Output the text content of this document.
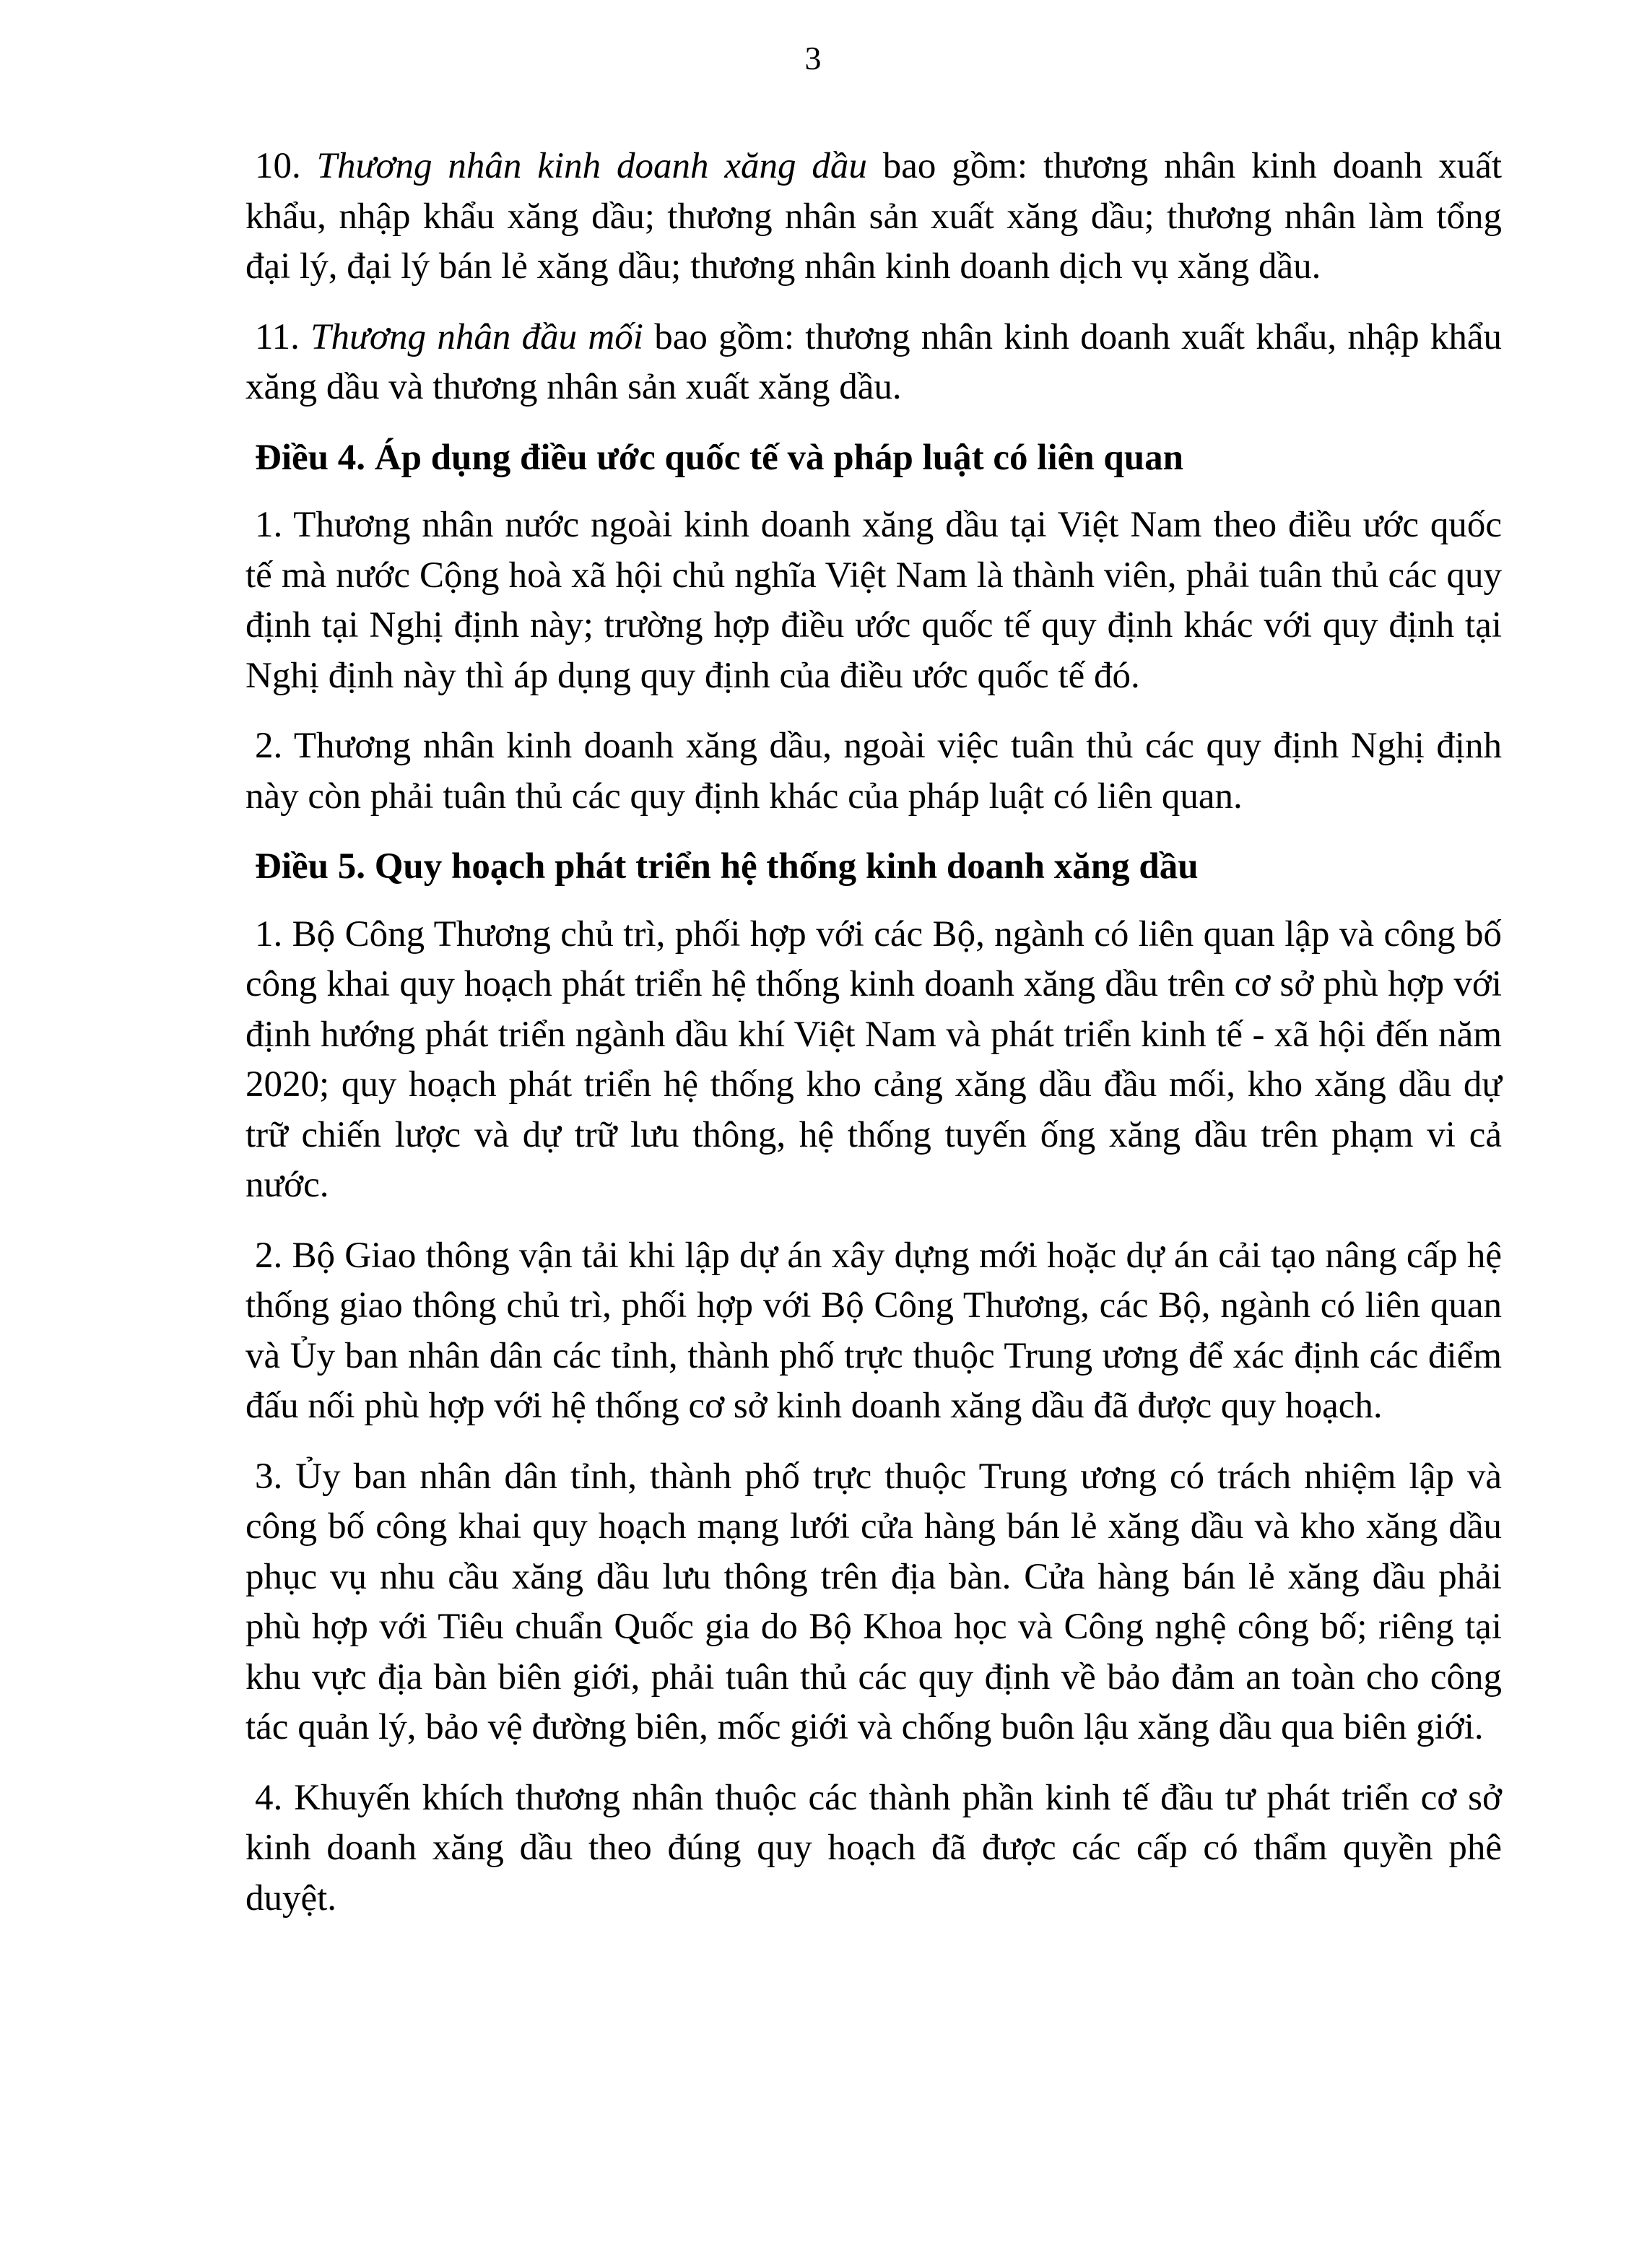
3

10. Thương nhân kinh doanh xăng dầu bao gồm: thương nhân kinh doanh xuất khẩu, nhập khẩu xăng dầu; thương nhân sản xuất xăng dầu; thương nhân làm tổng đại lý, đại lý bán lẻ xăng dầu; thương nhân kinh doanh dịch vụ xăng dầu.

11. Thương nhân đầu mối bao gồm: thương nhân kinh doanh xuất khẩu, nhập khẩu xăng dầu và thương nhân sản xuất xăng dầu.

Điều 4. Áp dụng điều ước quốc tế và pháp luật có liên quan

1. Thương nhân nước ngoài kinh doanh xăng dầu tại Việt Nam theo điều ước quốc tế mà nước Cộng hoà xã hội chủ nghĩa Việt Nam là thành viên, phải tuân thủ các quy định tại Nghị định này; trường hợp điều ước quốc tế quy định khác với quy định tại Nghị định này thì áp dụng quy định của điều ước quốc tế đó.

2. Thương nhân kinh doanh xăng dầu, ngoài việc tuân thủ các quy định Nghị định này còn phải tuân thủ các quy định khác của pháp luật có liên quan.

Điều 5. Quy hoạch phát triển hệ thống kinh doanh xăng dầu

1. Bộ Công Thương chủ trì, phối hợp với các Bộ, ngành có liên quan lập và công bố công khai quy hoạch phát triển hệ thống kinh doanh xăng dầu trên cơ sở phù hợp với định hướng phát triển ngành dầu khí Việt Nam và phát triển kinh tế - xã hội đến năm 2020; quy hoạch phát triển hệ thống kho cảng xăng dầu đầu mối, kho xăng dầu dự trữ chiến lược và dự trữ lưu thông, hệ thống tuyến ống xăng dầu trên phạm vi cả nước.

2. Bộ Giao thông vận tải khi lập dự án xây dựng mới hoặc dự án cải tạo nâng cấp hệ thống giao thông chủ trì, phối hợp với Bộ Công Thương, các Bộ, ngành có liên quan và Ủy ban nhân dân các tỉnh, thành phố trực thuộc Trung ương để xác định các điểm đấu nối phù hợp với hệ thống cơ sở kinh doanh xăng dầu đã được quy hoạch.

3. Ủy ban nhân dân tỉnh, thành phố trực thuộc Trung ương có trách nhiệm lập và công bố công khai quy hoạch mạng lưới cửa hàng bán lẻ xăng dầu và kho xăng dầu phục vụ nhu cầu xăng dầu lưu thông trên địa bàn. Cửa hàng bán lẻ xăng dầu phải phù hợp với Tiêu chuẩn Quốc gia do Bộ Khoa học và Công nghệ công bố; riêng tại khu vực địa bàn biên giới, phải tuân thủ các quy định về bảo đảm an toàn cho công tác quản lý, bảo vệ đường biên, mốc giới và chống buôn lậu xăng dầu qua biên giới.

4. Khuyến khích thương nhân thuộc các thành phần kinh tế đầu tư phát triển cơ sở kinh doanh xăng dầu theo đúng quy hoạch đã được các cấp có thẩm quyền phê duyệt.
